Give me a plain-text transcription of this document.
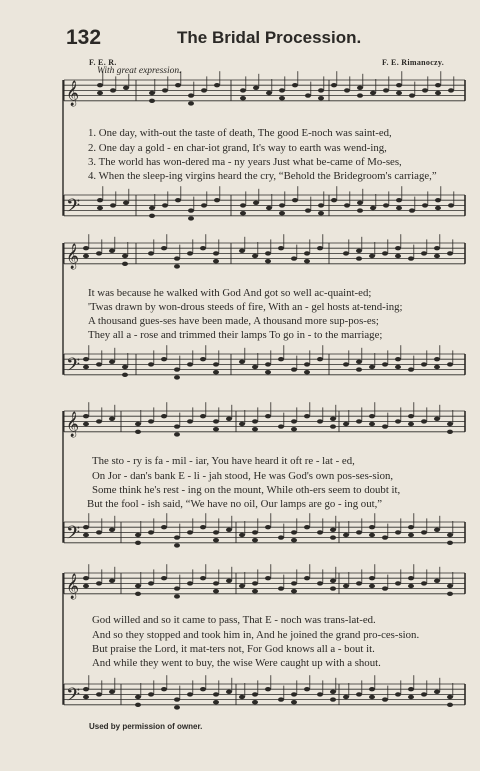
𝄞
𝄢
𝄞
𝄢
𝄞
𝄢
𝄞
𝄢
132	The Bridal Procession.
F. E. R.	F. E. Rimanoczy.
With great expression.
1. One day, with-out the taste of death, The good E-noch was saint-ed,
2. One day a gold - en char-iot grand, It's way to earth was wend-ing,
3. The world has won-dered ma - ny years Just what be-came of Mo-ses,
4. When the sleep-ing virgins heard the cry, “Behold the Bridegroom's carriage,”
It was because he walked with God And got so well ac-quaint-ed;
'Twas drawn by won-drous steeds of fire, With an - gel hosts at-tend-ing;
A thousand gues-ses have been made, A thousand more sup-pos-es;
They all a - rose and trimmed their lamps To go in - to the marriage;
The sto - ry is fa - mil - iar, You have heard it oft re - lat - ed,
On Jor - dan's bank E - li - jah stood, He was God's own pos-ses-sion,
Some think he's rest - ing on the mount, While oth-ers seem to doubt it,
But the fool - ish said, “We have no oil, Our lamps are go - ing out,”
God willed and so it came to pass, That E - noch was trans-lat-ed.
And so they stopped and took him in, And he joined the grand pro-ces-sion.
But praise the Lord, it mat-ters not, For God knows all a - bout it.
And while they went to buy, the wise Were caught up with a shout.
Used by permission of owner.
